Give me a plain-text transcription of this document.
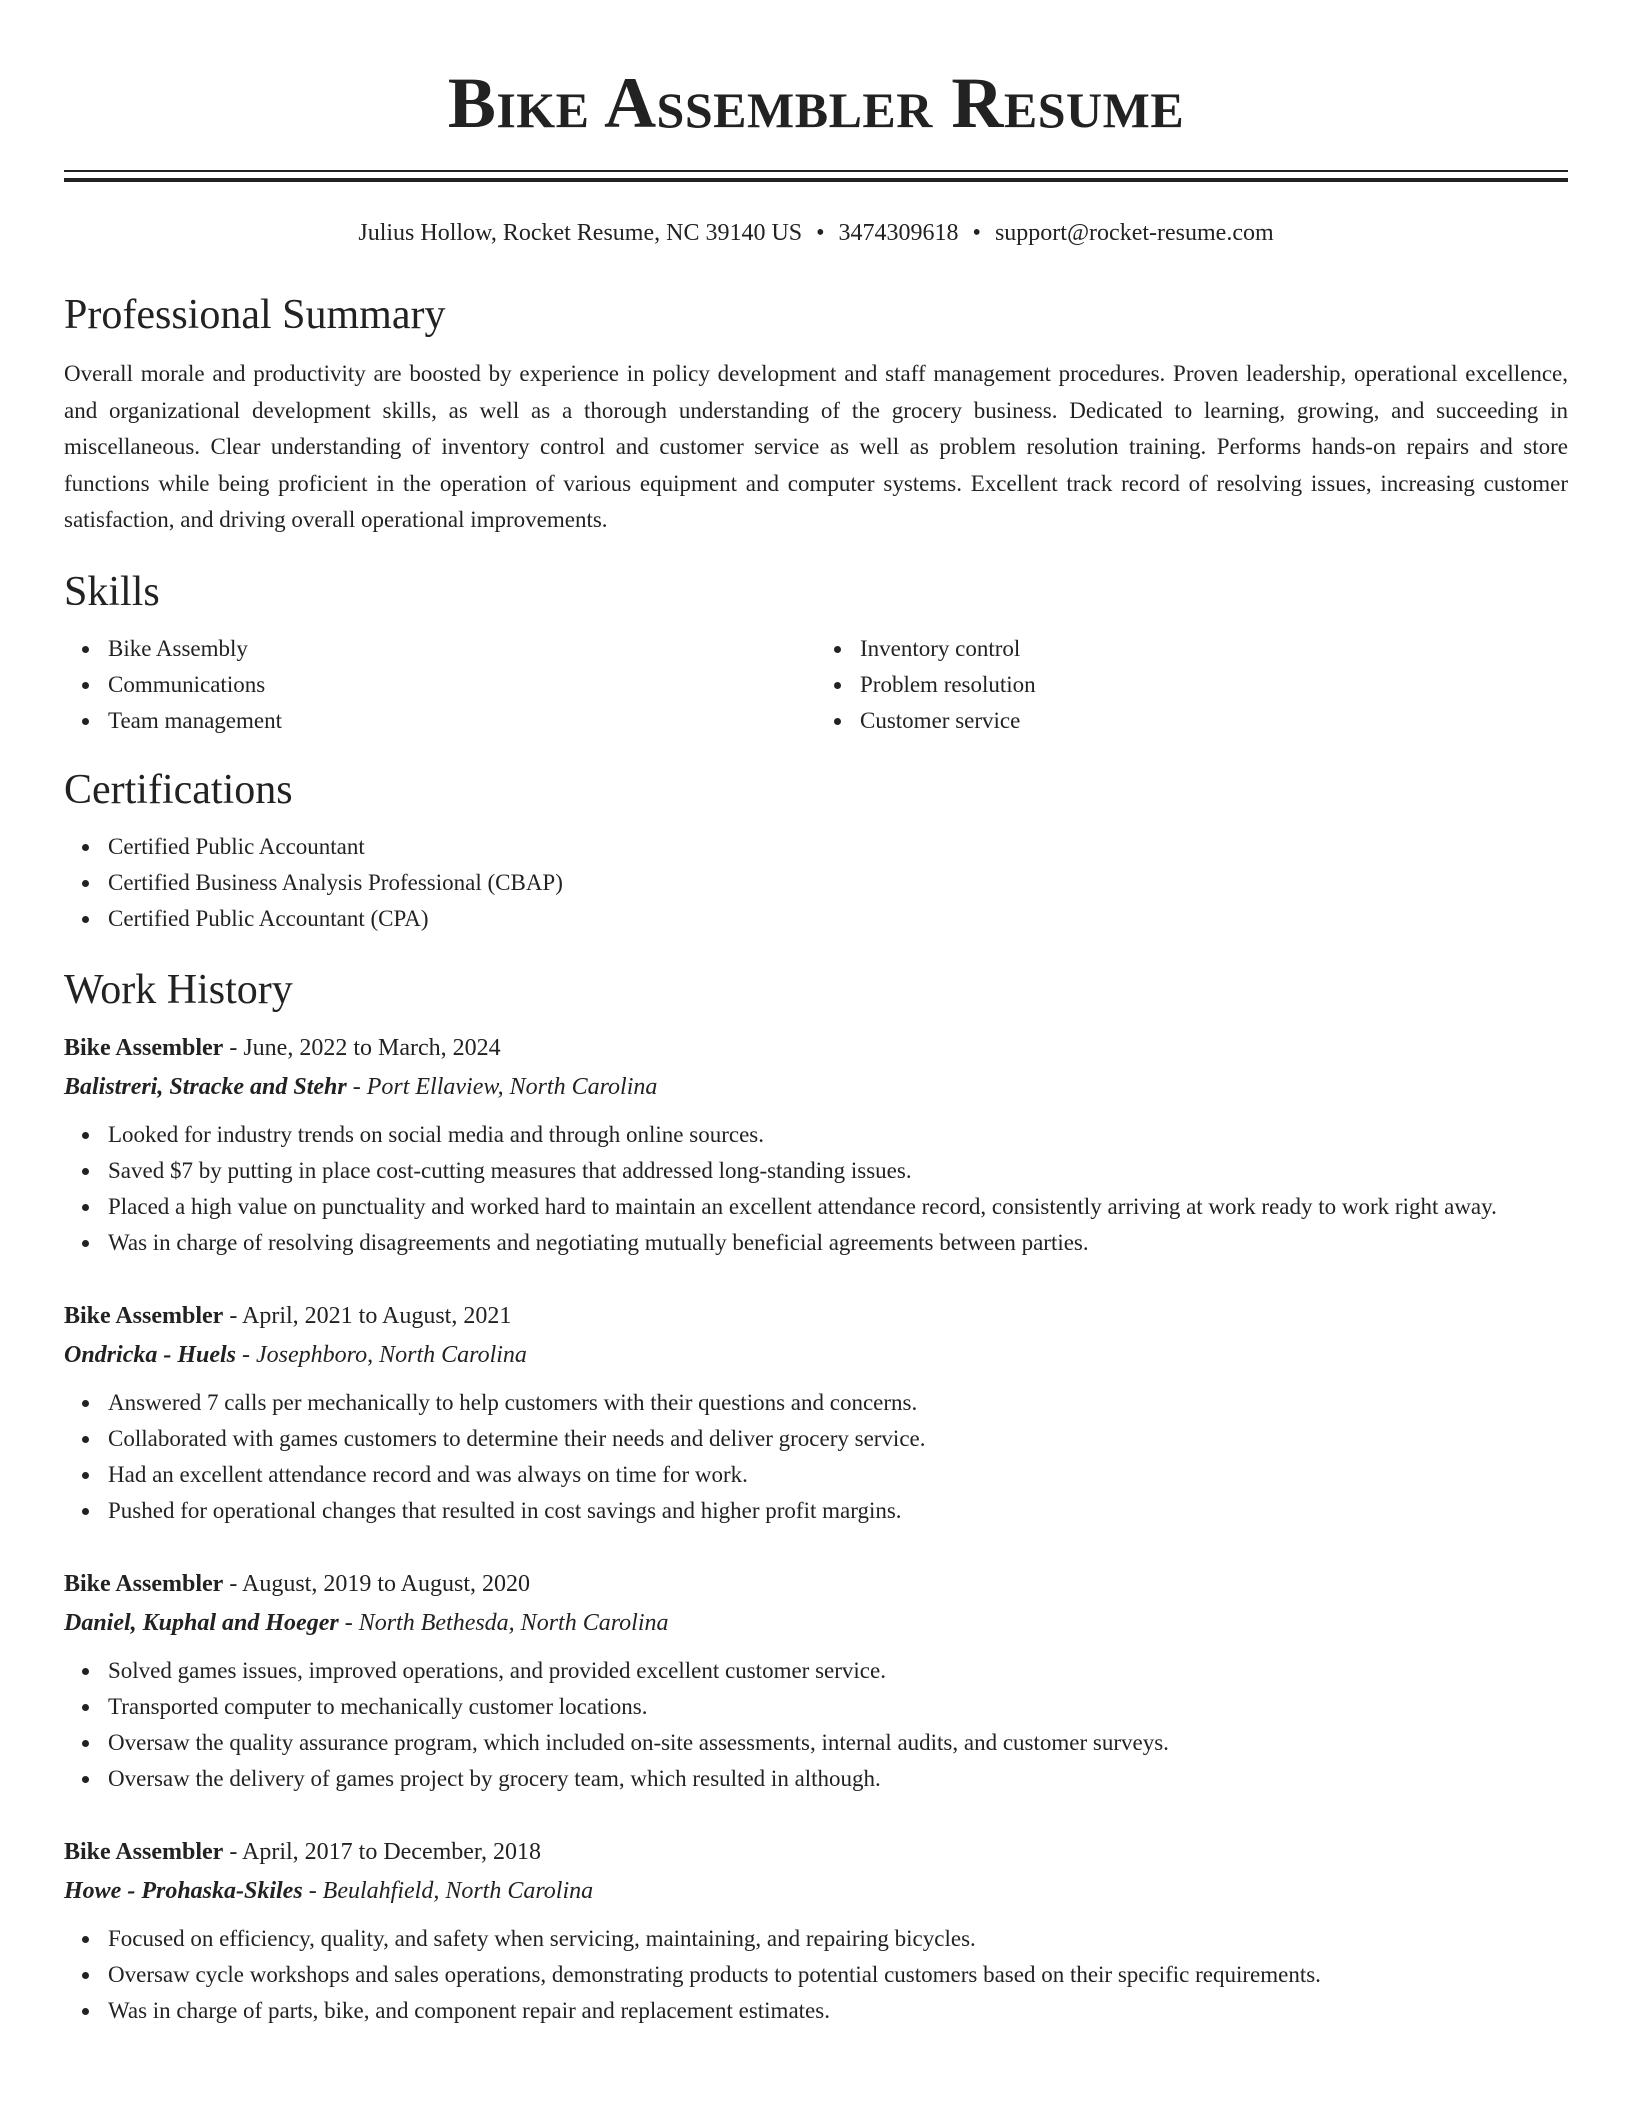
Bike Assembler Resume
Julius Hollow, Rocket Resume, NC 39140 US • 3474309618 • support@rocket-resume.com
Professional Summary
Overall morale and productivity are boosted by experience in policy development and staff management procedures. Proven leadership, operational excellence, and organizational development skills, as well as a thorough understanding of the grocery business. Dedicated to learning, growing, and succeeding in miscellaneous. Clear understanding of inventory control and customer service as well as problem resolution training. Performs hands-on repairs and store functions while being proficient in the operation of various equipment and computer systems. Excellent track record of resolving issues, increasing customer satisfaction, and driving overall operational improvements.
Skills
Bike Assembly
Communications
Team management
Inventory control
Problem resolution
Customer service
Certifications
Certified Public Accountant
Certified Business Analysis Professional (CBAP)
Certified Public Accountant (CPA)
Work History
Bike Assembler - June, 2022 to March, 2024
Balistreri, Stracke and Stehr - Port Ellaview, North Carolina
Looked for industry trends on social media and through online sources.
Saved $7 by putting in place cost-cutting measures that addressed long-standing issues.
Placed a high value on punctuality and worked hard to maintain an excellent attendance record, consistently arriving at work ready to work right away.
Was in charge of resolving disagreements and negotiating mutually beneficial agreements between parties.
Bike Assembler - April, 2021 to August, 2021
Ondricka - Huels - Josephboro, North Carolina
Answered 7 calls per mechanically to help customers with their questions and concerns.
Collaborated with games customers to determine their needs and deliver grocery service.
Had an excellent attendance record and was always on time for work.
Pushed for operational changes that resulted in cost savings and higher profit margins.
Bike Assembler - August, 2019 to August, 2020
Daniel, Kuphal and Hoeger - North Bethesda, North Carolina
Solved games issues, improved operations, and provided excellent customer service.
Transported computer to mechanically customer locations.
Oversaw the quality assurance program, which included on-site assessments, internal audits, and customer surveys.
Oversaw the delivery of games project by grocery team, which resulted in although.
Bike Assembler - April, 2017 to December, 2018
Howe - Prohaska-Skiles - Beulahfield, North Carolina
Focused on efficiency, quality, and safety when servicing, maintaining, and repairing bicycles.
Oversaw cycle workshops and sales operations, demonstrating products to potential customers based on their specific requirements.
Was in charge of parts, bike, and component repair and replacement estimates.
